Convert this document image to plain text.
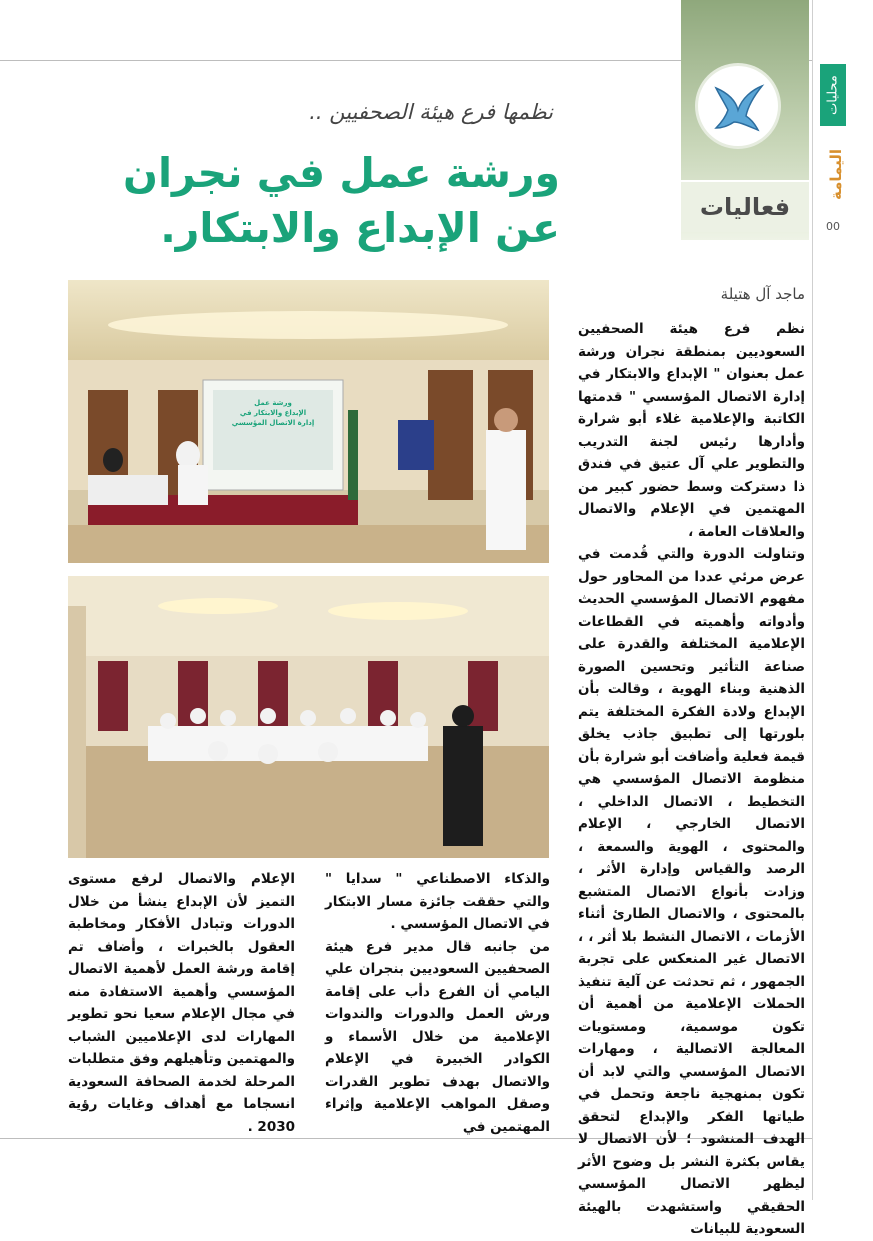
فعاليات
محليات
اليمامة
00
نظمها فرع هيئة الصحفيين ..
ورشة عمل في نجران
عن الإبداع والابتكار.
ماجد آل هتيلة
ورشة عمل
الإبداع والابتكار في
إدارة الاتصال المؤسسي

نظم فرع هيئة الصحفيين السعوديين بمنطقة نجران ورشة عمل بعنوان " الإبداع والابتكار في إدارة الاتصال المؤسسي " قدمتها الكاتبة والإعلامية غلاء أبو شرارة وأدارها رئيس لجنة التدريب والتطوير علي آل عتيق في فندق ذا دستركت وسط حضور كبير من المهتمين في الإعلام والاتصال والعلاقات العامة ،

وتناولت الدورة والتي قُدمت في عرض مرئي عددا من المحاور حول مفهوم الاتصال المؤسسي الحديث وأدواته وأهميته في القطاعات الإعلامية المختلفة والقدرة على صناعة التأثير وتحسين الصورة الذهنية وبناء الهوية ، وقالت بأن الإبداع ولادة الفكرة المختلفة يتم بلورتها إلى تطبيق جاذب يخلق قيمة فعلية وأضافت أبو شرارة بأن منظومة الاتصال المؤسسي هي التخطيط ، الاتصال الداخلي ، الاتصال الخارجي ، الإعلام والمحتوى ، الهوية والسمعة ، الرصد والقياس وإدارة الأثر ، وزادت بأنواع الاتصال المتشبع بالمحتوى ، والاتصال الطارئ أثناء الأزمات ، الاتصال النشط بلا أثر ، ، الاتصال غير المنعكس على تجربة الجمهور ، ثم تحدثت عن آلية تنفيذ الحملات الإعلامية من أهمية أن تكون موسمية، ومستويات المعالجة الاتصالية ، ومهارات الاتصال المؤسسي والتي لابد أن تكون بمنهجية ناجعة وتحمل في طياتها الفكر والإبداع لتحقق الهدف المنشود ؛ لأن الاتصال لا يقاس بكثرة النشر بل وضوح الأثر ليظهر الاتصال المؤسسي الحقيقي واستشهدت بالهيئة السعودية للبيانات

والذكاء الاصطناعي " سدايا " والتي حققت جائزة مسار الابتكار في الاتصال المؤسسي .

من جانبه قال مدير فرع هيئة الصحفيين السعوديين بنجران علي اليامي أن الفرع دأب على إقامة ورش العمل والدورات والندوات الإعلامية من خلال الأسماء و الكوادر الخبيرة في الإعلام والاتصال بهدف تطوير القدرات وصقل المواهب الإعلامية وإثراء المهتمين في

الإعلام والاتصال لرفع مستوى التميز لأن الإبداع ينشأ من خلال الدورات وتبادل الأفكار ومخاطبة العقول بالخبرات ، وأضاف تم إقامة ورشة العمل لأهمية الاتصال المؤسسي وأهمية الاستفادة منه في مجال الإعلام سعيا نحو تطوير المهارات لدى الإعلاميين الشباب والمهتمين وتأهيلهم وفق متطلبات المرحلة لخدمة الصحافة السعودية انسجاما مع أهداف وغايات رؤية 2030 .
